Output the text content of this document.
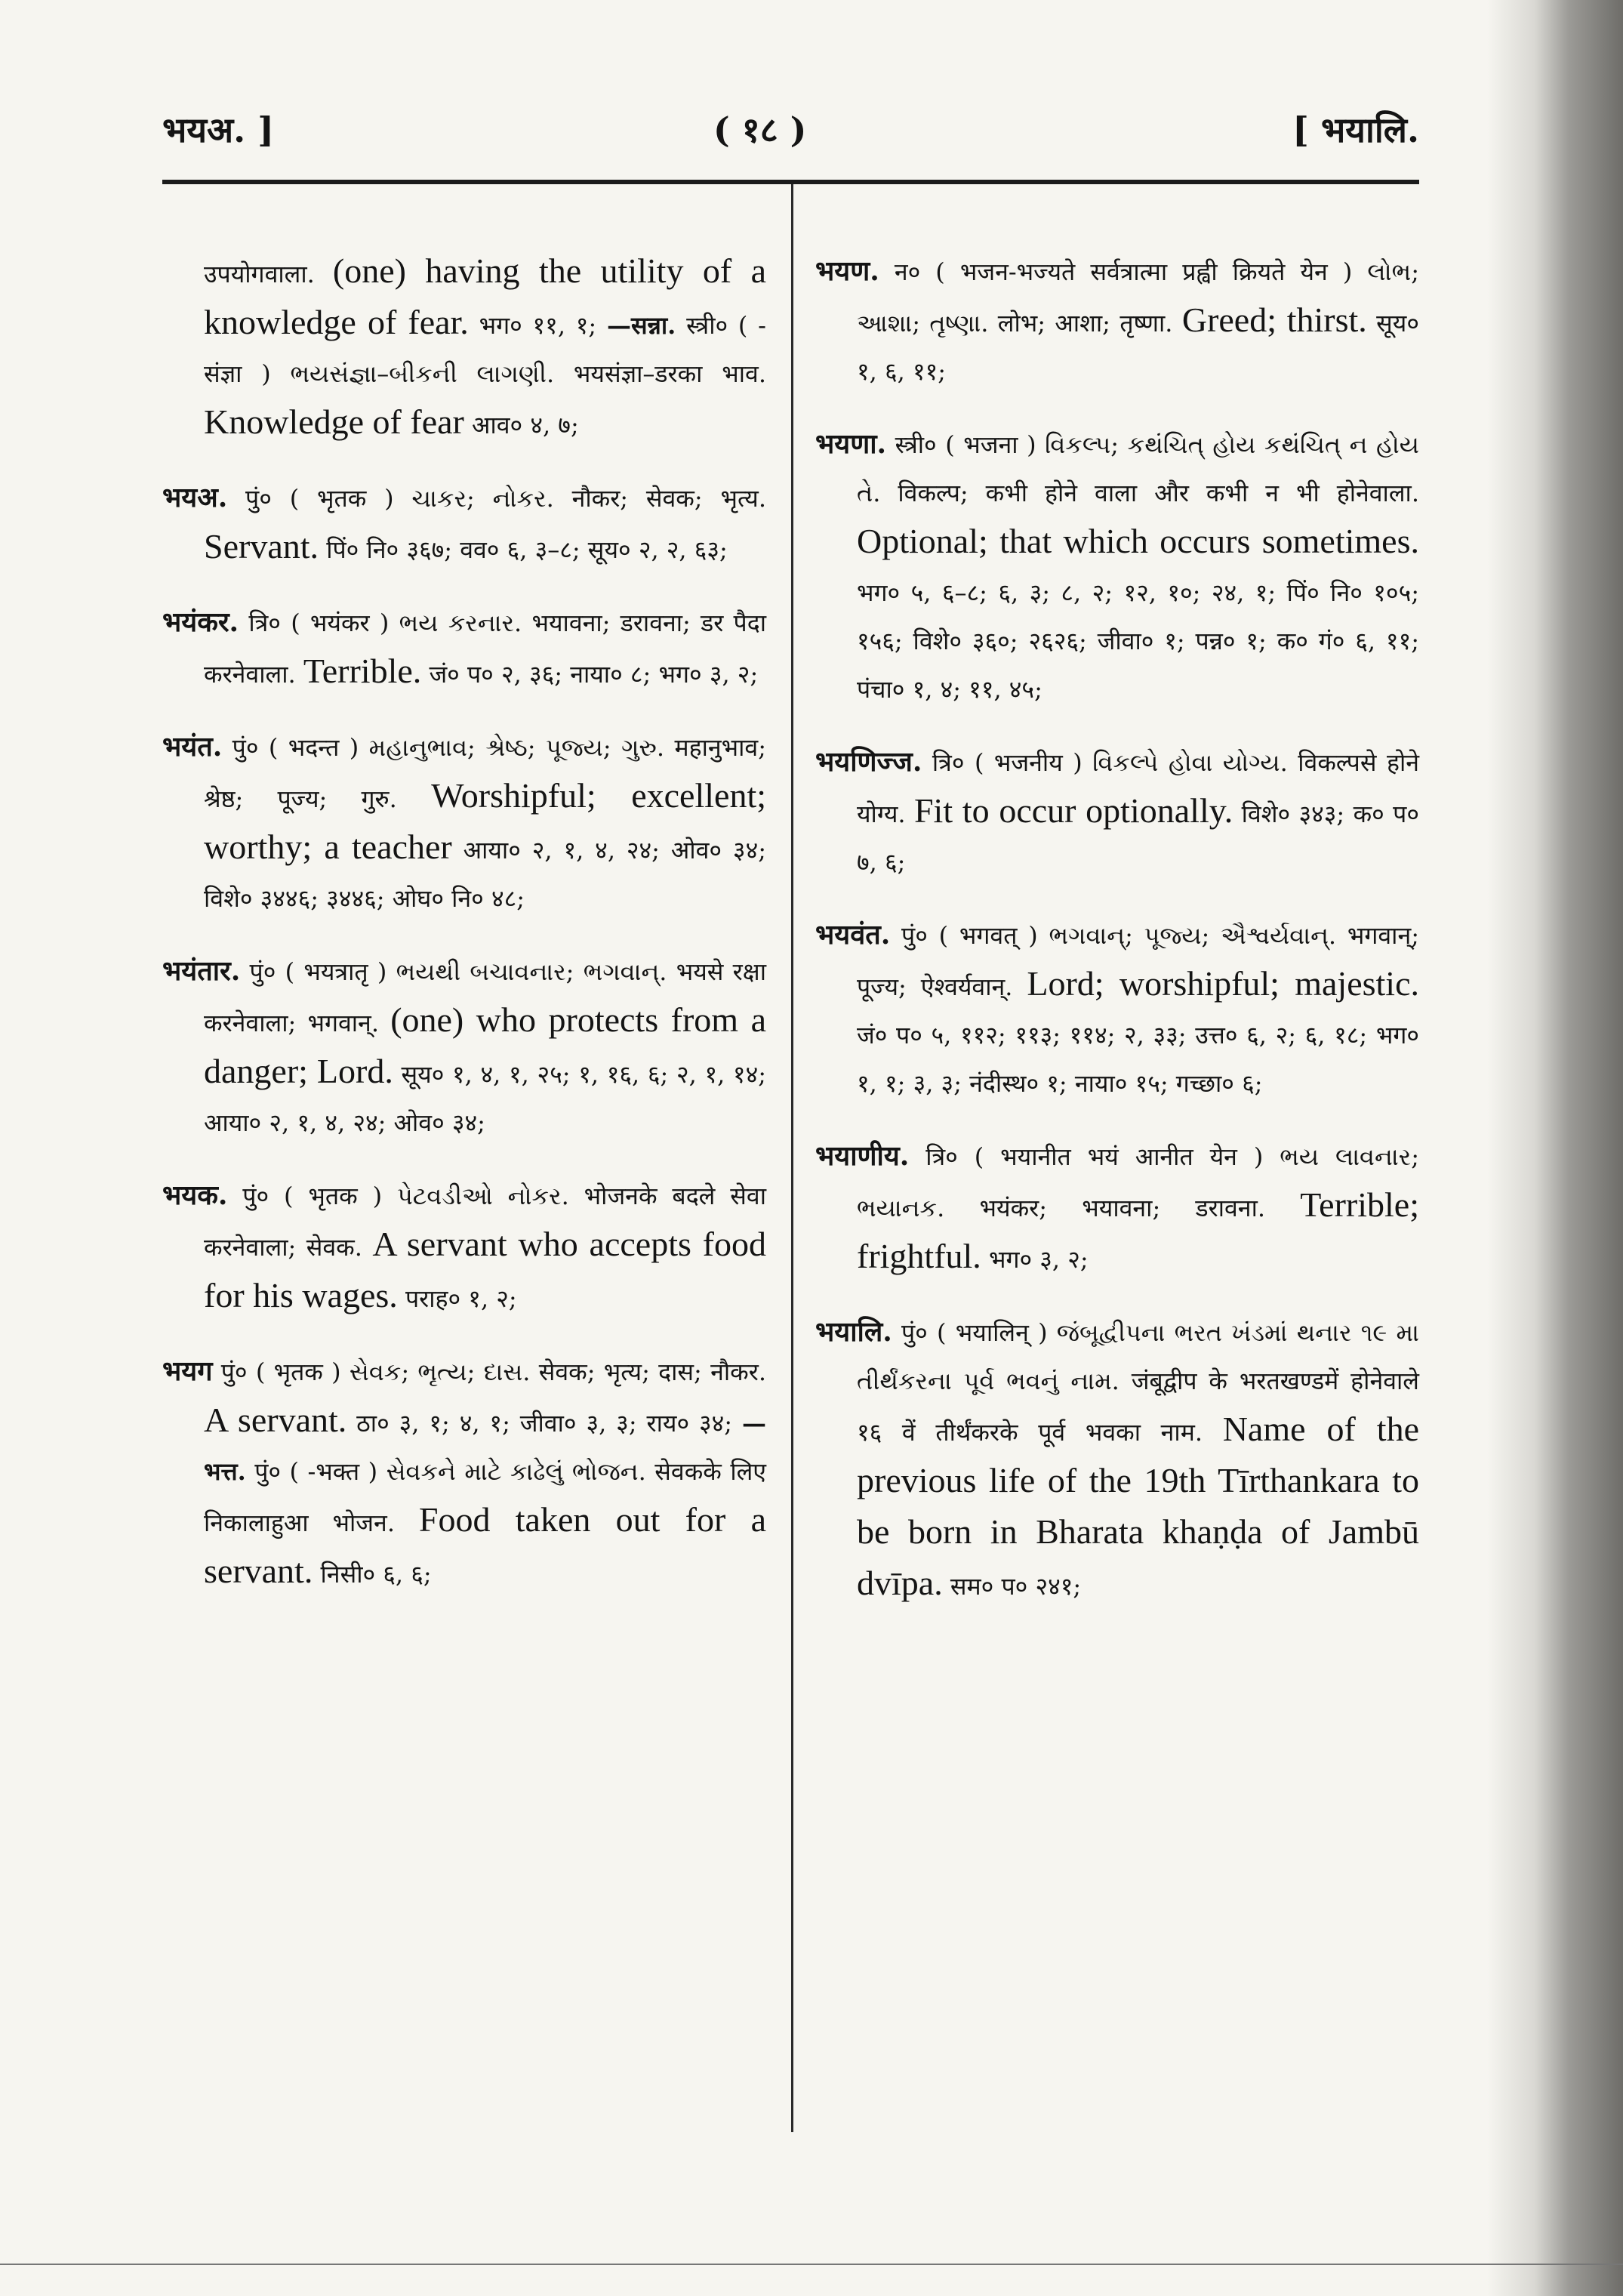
भयअ. ]	( १८ )	[ भयालि.

उपयोगवाला. (one) having the utility of a knowledge of fear. भग० ११, १; —सन्ना. स्त्री० ( -संज्ञा ) ભયસંજ્ઞા–બીકની લાગણી. भयसंज्ञा–डरका भाव. Knowledge of fear आव० ४, ७;

भयअ. पुं० ( भृतक ) ચાકર; નોકર. नौकर; सेवक; भृत्य. Servant. पिं० नि० ३६७; वव० ६, ३–८; सूय० २, २, ६३;

भयंकर. त्रि० ( भयंकर ) ભય કરનાર. भयावना; डरावना; डर पैदा करनेवाला. Terrible. जं० प० २, ३६; नाया० ८; भग० ३, २;

भयंत. पुं० ( भदन्त ) મહાનુભાવ; શ્રેષ્ઠ; પૂજ્ય; ગુરુ. महानुभाव; श्रेष्ठ; पूज्य; गुरु. Worshipful; excellent; worthy; a teacher आया० २, १, ४, २४; ओव० ३४; विशे० ३४४६; ३४४६; ओघ० नि० ४८;

भयंतार. पुं० ( भयत्रातृ ) ભયથી બચાવનાર; ભગવાન્. भयसे रक्षा करनेवाला; भगवान्. (one) who protects from a danger; Lord. सूय० १, ४, १, २५; १, १६, ६; २, १, १४; आया० २, १, ४, २४; ओव० ३४;

भयक. पुं० ( भृतक ) પેટવડીઓ નોકર. भोजनके बदले सेवा करनेवाला; सेवक. A servant who accepts food for his wages. पराह० १, २;

भयग पुं० ( भृतक ) સેવક; ભૃત્ય; દાસ. सेवक; भृत्य; दास; नौकर. A servant. ठा० ३, १; ४, १; जीवा० ३, ३; राय० ३४; —भत्त. पुं० ( -भक्त ) સેવકને માટે કાઢેલું ભોજન. सेवकके लिए निकालाहुआ भोजन. Food taken out for a servant. निसी० ६, ६;

भयण. न० ( भजन-भज्यते सर्वत्रात्मा प्रह्वी क्रियते येन ) લોભ; આશા; તૃષ્ણા. लोभ; आशा; तृष्णा. Greed; thirst. सूय० १, ६, ११;

भयणा. स्त्री० ( भजना ) વિકલ્પ; કથંચિત્ હોય કથંચિત્ ન હોય તે. विकल्प; कभी होने वाला और कभी न भी होनेवाला. Optional; that which occurs sometimes. भग० ५, ६–८; ६, ३; ८, २; १२, १०; २४, १; पिं० नि० १०५; १५६; विशे० ३६०; २६२६; जीवा० १; पन्न० १; क० गं० ६, ११; पंचा० १, ४; ११, ४५;

भयणिज्ज. त्रि० ( भजनीय ) વિકલ્પે હોવા યોગ્ય. विकल्पसे होने योग्य. Fit to occur optionally. विशे० ३४३; क० प० ७, ६;

भयवंत. पुं० ( भगवत् ) ભગવાન્; પૂજ્ય; ઐશ્વર્યવાન્. भगवान्; पूज्य; ऐश्वर्यवान्. Lord; worshipful; majestic. जं० प० ५, ११२; ११३; ११४; २, ३३; उत्त० ६, २; ६, १८; भग० १, १; ३, ३; नंदीस्थ० १; नाया० १५; गच्छा० ६;

भयाणीय. त्रि० ( भयानीत भयं आनीत येन ) ભય લાવનાર; ભયાનક. भयंकर; भयावना; डरावना. Terrible; frightful. भग० ३, २;

भयालि. पुं० ( भयालिन् ) જંબૂદ્વીપના ભરત ખંડમાં થનાર ૧૯ મા તીર્થંકરના પૂર્વ ભવનું નામ. जंबूद्वीप के भरतखण्डमें होनेवाले १६ वें तीर्थंकरके पूर्व भवका नाम. Name of the previous life of the 19th Tīrthankara to be born in Bharata khaṇḍa of Jambū dvīpa. सम० प० २४१;
